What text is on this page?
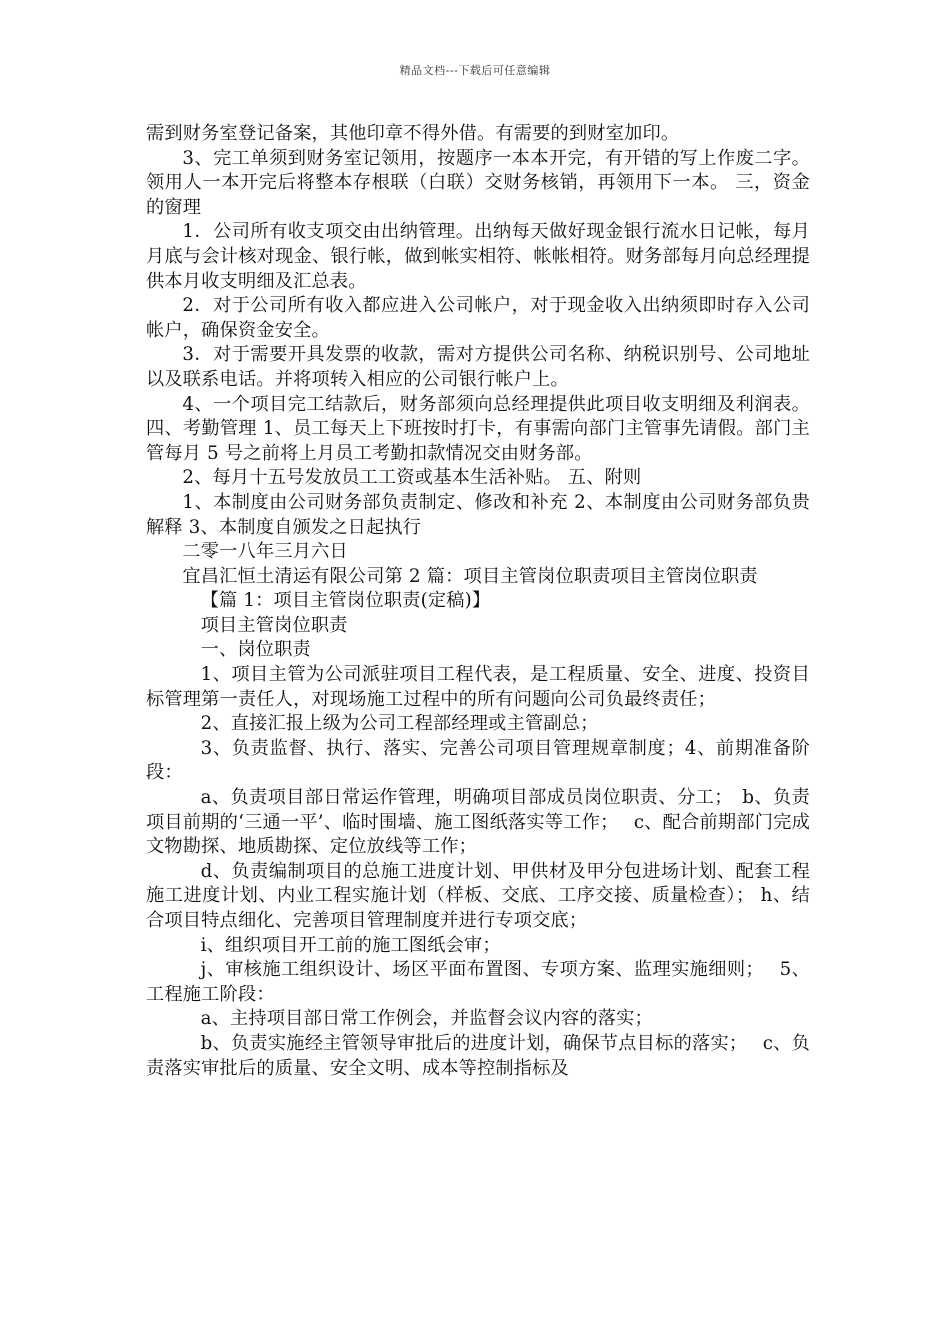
精品文档---下载后可任意编辑

需到财务室登记备案，其他印章不得外借。有需要的到财室加印。

3、完工单须到财务室记领用，按题序一本本开完，有开错的写上作废二字。领用人一本开完后将整本存根联（白联）交财务核销，再领用下一本。 三，资金的窗理

1．公司所有收支项交由出纳管理。出纳每天做好现金银行流水日记帐，每月月底与会计核对现金、银行帐，做到帐实相符、帐帐相符。财务部每月向总经理提供本月收支明细及汇总表。

2．对于公司所有收入都应进入公司帐户，对于现金收入出纳须即时存入公司帐户，确保资金安全。

3．对于需要开具发票的收款，需对方提供公司名称、纳税识别号、公司地址以及联系电话。并将项转入相应的公司银行帐户上。

4、一个项目完工结款后，财务部须向总经理提供此项目收支明细及利润表。 四、考勤管理 1、员工每天上下班按时打卡，有事需向部门主管事先请假。部门主管每月 5 号之前将上月员工考勤扣款情况交由财务部。

2、每月十五号发放员工工资或基本生活补贴。 五、附则

1、本制度由公司财务部负责制定、修改和补充 2、本制度由公司财务部负贵解释 3、本制度自颁发之日起执行

二零一八年三月六日

宜昌汇恒土清运有限公司第 2 篇：项目主管岗位职责项目主管岗位职责

【篇 1：项目主管岗位职责(定稿)】

项目主管岗位职责

一、岗位职责

1、项目主管为公司派驻项目工程代表，是工程质量、安全、进度、投资目标管理第一责任人，对现场施工过程中的所有问题向公司负最终责任；

2、直接汇报上级为公司工程部经理或主管副总；

3、负责监督、执行、落实、完善公司项目管理规章制度；4、前期准备阶段：

a、负责项目部日常运作管理，明确项目部成员岗位职责、分工；　b、负责项目前期的‘三通一平’、临时围墙、施工图纸落实等工作；　 c、配合前期部门完成文物勘探、地质勘探、定位放线等工作；

d、负责编制项目的总施工进度计划、甲供材及甲分包进场计划、配套工程施工进度计划、内业工程实施计划（样板、交底、工序交接、质量检查）； h、结合项目特点细化、完善项目管理制度并进行专项交底；

i、组织项目开工前的施工图纸会审；

j、审核施工组织设计、场区平面布置图、专项方案、监理实施细则；　 5、工程施工阶段：

a、主持项目部日常工作例会，并监督会议内容的落实；

b、负责实施经主管领导审批后的进度计划，确保节点目标的落实；　 c、负责落实审批后的质量、安全文明、成本等控制指标及
